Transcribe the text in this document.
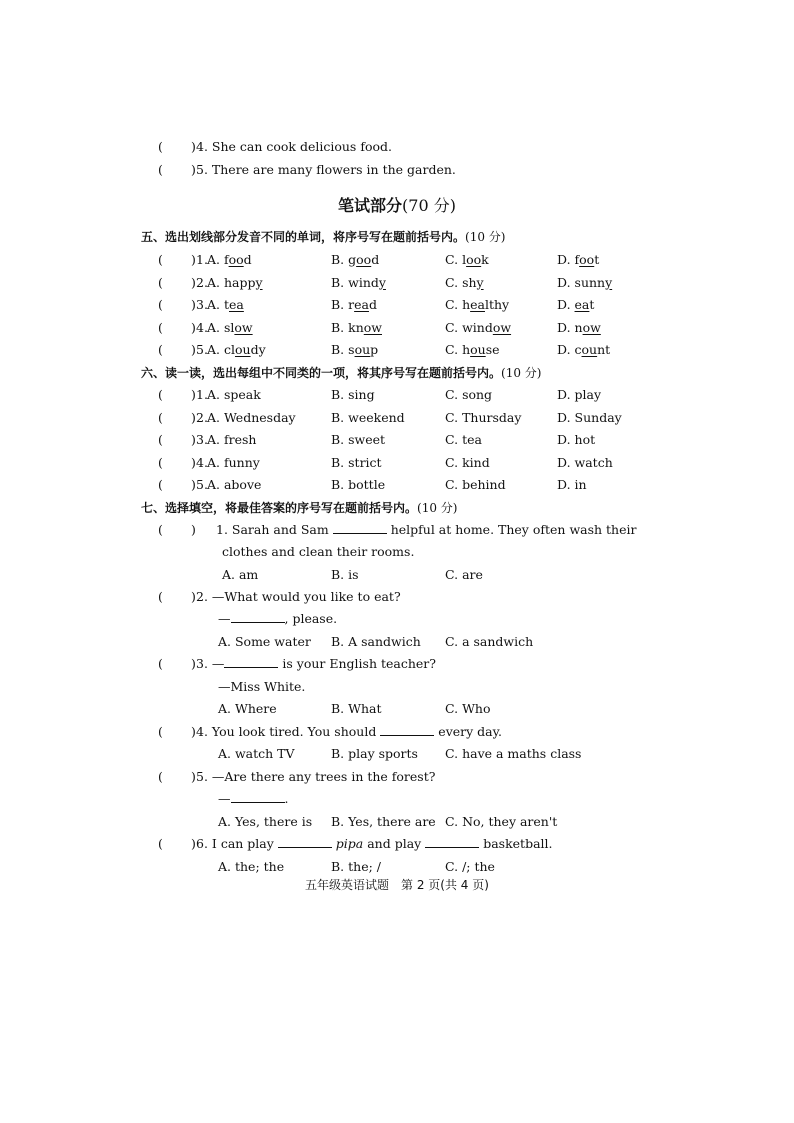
( ) 4. She can cook delicious food.
( ) 5. There are many flowers in the garden.
笔试部分(70 分)
五、选出划线部分发音不同的单词，将序号写在题前括号内。(10 分)
( ) 1. A. food	B. good	C. look	D. foot
( ) 2. A. happy	B. windy	C. shy	D. sunny
( ) 3. A. tea	B. read	C. healthy	D. eat
( ) 4. A. slow	B. know	C. window	D. now
( ) 5. A. cloudy	B. soup	C. house	D. count
六、读一读，选出每组中不同类的一项，将其序号写在题前括号内。(10 分)
( ) 1. A. speak	B. sing	C. song	D. play
( ) 2. A. Wednesday	B. weekend	C. Thursday	D. Sunday
( ) 3. A. fresh	B. sweet	C. tea	D. hot
( ) 4. A. funny	B. strict	C. kind	D. watch
( ) 5. A. above	B. bottle	C. behind	D. in
七、选择填空，将最佳答案的序号写在题前括号内。(10 分)
( ) 1. Sarah and Sam	helpful at home. They often wash their
clothes and clean their rooms.
A. am	B. is	C. are
( ) 2. —What would you like to eat?
—	, please.
A. Some water B. A sandwich C. a sandwich
( ) 3. —	is your English teacher?
—Miss White.
A. Where	B. What	C. Who
( ) 4. You look tired. You should	every day.
A. watch TV	B. play sports C. have a maths class
( ) 5. —Are there any trees in the forest?
—	.
A. Yes, there is B. Yes, there are C. No, they aren't
( ) 6. I can play	pipa and play	basketball.
A. the; the	B. the; /	C. /; the
五年级英语试题　第 2 页(共 4 页)
